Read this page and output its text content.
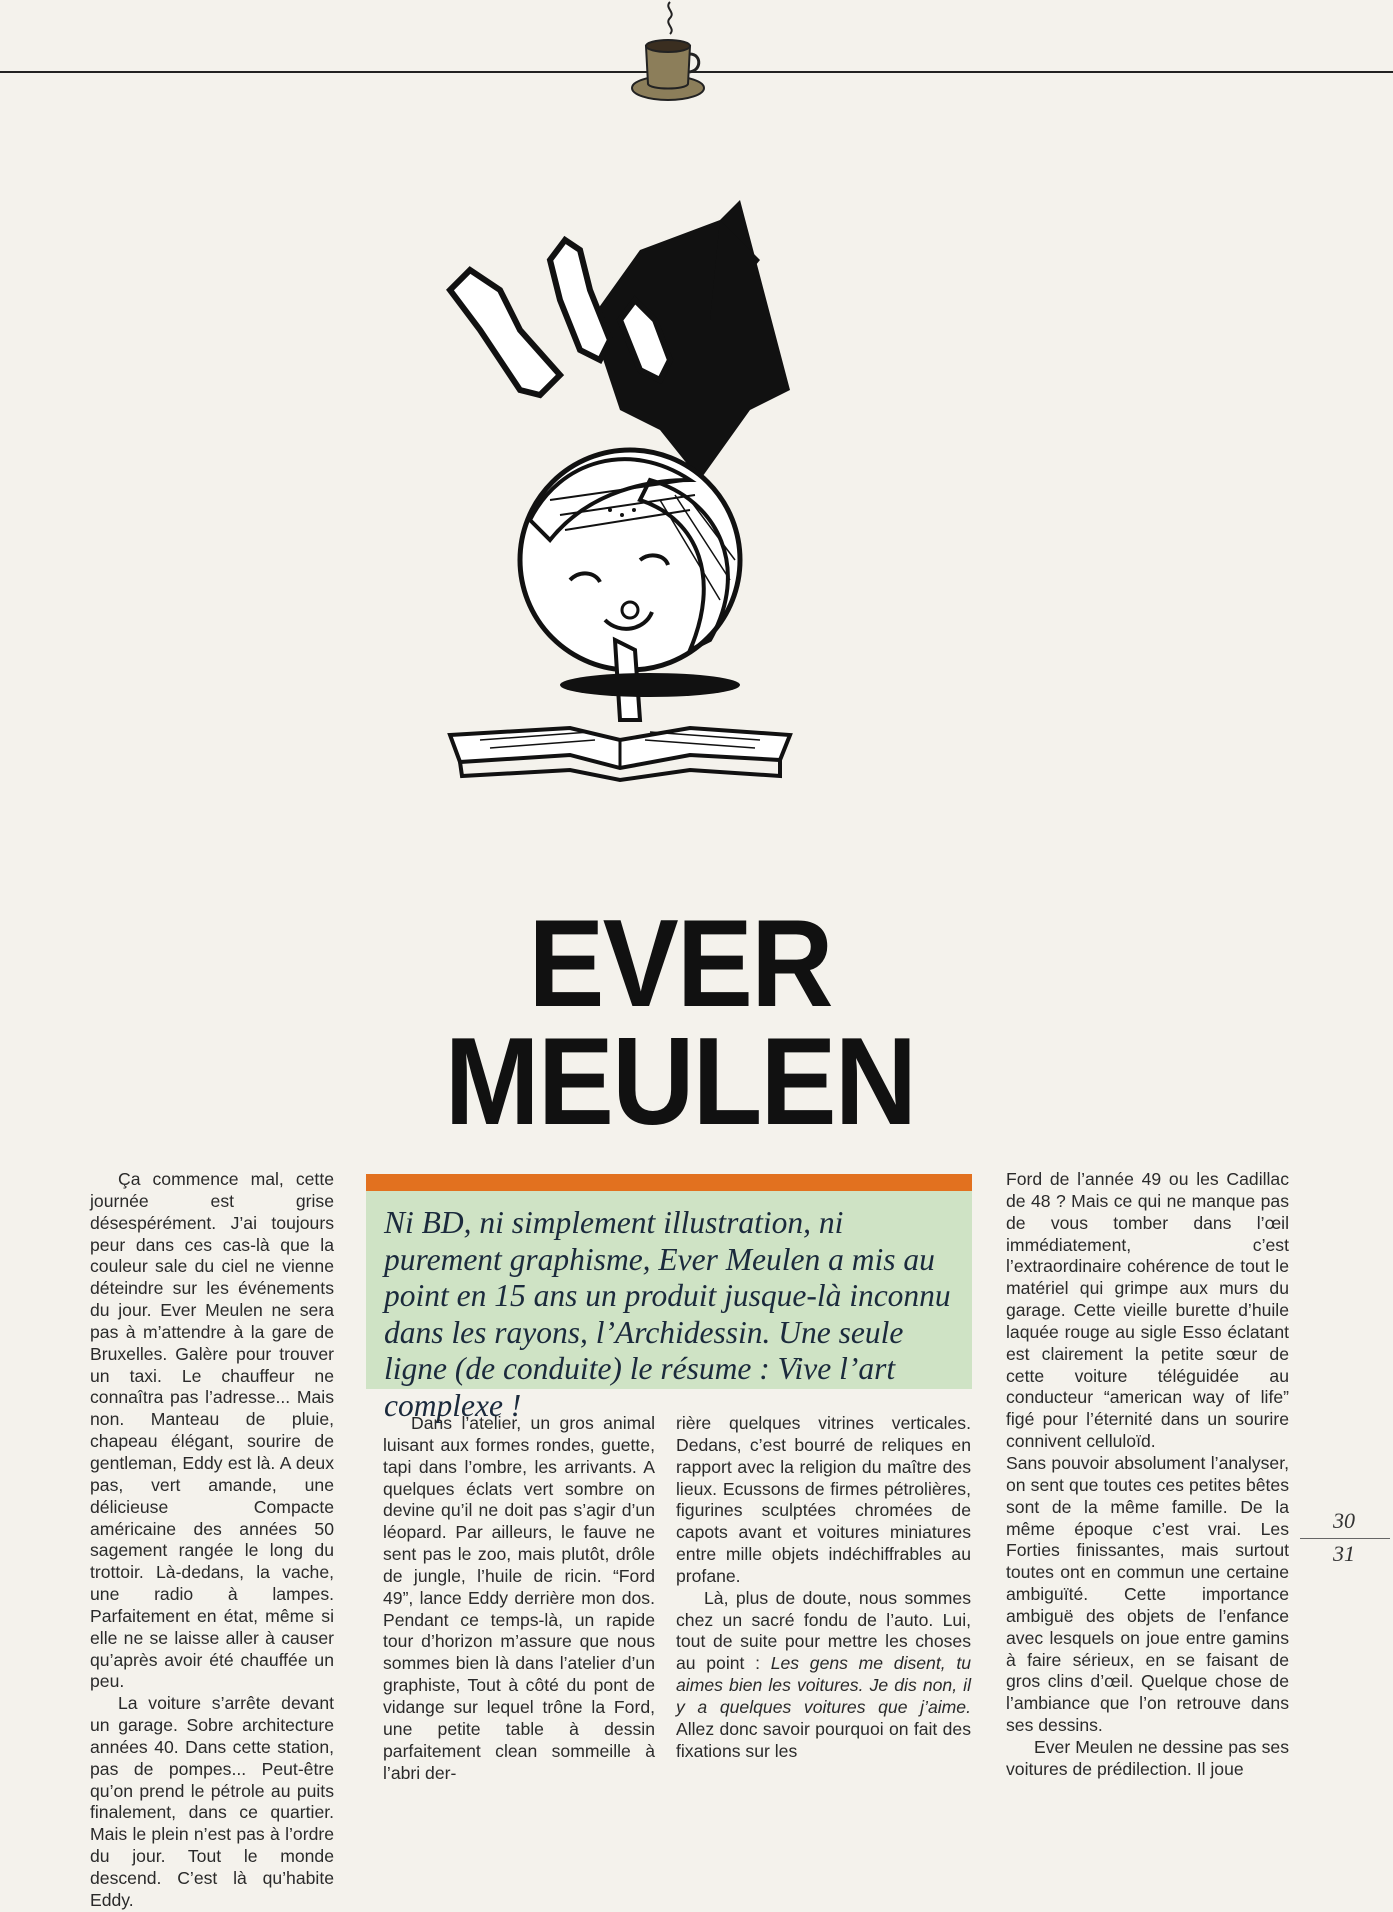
EVER
MEULEN
Ni BD, ni simplement illustration, ni purement graphisme, Ever Meulen a mis au point en 15 ans un produit jusque-là inconnu dans les rayons, l’Archidessin. Une seule ligne (de conduite) le résume : Vive l’art complexe !

Ça commence mal, cette journée est grise désespérément. J’ai toujours peur dans ces cas-là que la couleur sale du ciel ne vienne déteindre sur les événements du jour. Ever Meulen ne sera pas à m’attendre à la gare de Bruxelles. Galère pour trouver un taxi. Le chauffeur ne connaîtra pas l’adresse... Mais non. Manteau de pluie, chapeau élégant, sourire de gentleman, Eddy est là. A deux pas, vert amande, une délicieuse Compacte américaine des années 50 sagement rangée le long du trottoir. Là-dedans, la vache, une radio à lampes. Parfaitement en état, même si elle ne se laisse aller à causer qu’après avoir été chauffée un peu.

La voiture s’arrête devant un garage. Sobre architecture années 40. Dans cette station, pas de pompes... Peut-être qu’on prend le pétrole au puits finalement, dans ce quartier. Mais le plein n’est pas à l’ordre du jour. Tout le monde descend. C’est là qu’habite Eddy.

Dans l’atelier, un gros animal luisant aux formes rondes, guette, tapi dans l’ombre, les arrivants. A quelques éclats vert sombre on devine qu’il ne doit pas s’agir d’un léopard. Par ailleurs, le fauve ne sent pas le zoo, mais plutôt, drôle de jungle, l’huile de ricin. “Ford 49”, lance Eddy derrière mon dos. Pendant ce temps-là, un rapide tour d’horizon m’assure que nous sommes bien là dans l’atelier d’un graphiste, Tout à côté du pont de vidange sur lequel trône la Ford, une petite table à dessin parfaitement clean sommeille à l’abri der-

rière quelques vitrines verticales. Dedans, c’est bourré de reliques en rapport avec la religion du maître des lieux. Ecussons de firmes pétrolières, figurines sculptées chromées de capots avant et voitures miniatures entre mille objets indéchiffrables au profane.

Là, plus de doute, nous sommes chez un sacré fondu de l’auto. Lui, tout de suite pour mettre les choses au point : Les gens me disent, tu aimes bien les voitures. Je dis non, il y a quelques voitures que j’aime. Allez donc savoir pourquoi on fait des fixations sur les

Ford de l’année 49 ou les Cadillac de 48 ? Mais ce qui ne manque pas de vous tomber dans l’œil immédiatement, c’est l’extraordinaire cohérence de tout le matériel qui grimpe aux murs du garage. Cette vieille burette d’huile laquée rouge au sigle Esso éclatant est clairement la petite sœur de cette voiture téléguidée au conducteur “american way of life” figé pour l’éternité dans un sourire connivent celluloïd.

Sans pouvoir absolument l’analyser, on sent que toutes ces petites bêtes sont de la même famille. De la même époque c’est vrai. Les Forties finissantes, mais surtout toutes ont en commun une certaine ambiguïté. Cette importance ambiguë des objets de l’enfance avec lesquels on joue entre gamins à faire sérieux, en se faisant de gros clins d’œil. Quelque chose de l’ambiance que l’on retrouve dans ses dessins.

Ever Meulen ne dessine pas ses voitures de prédilection. Il joue

30
31
